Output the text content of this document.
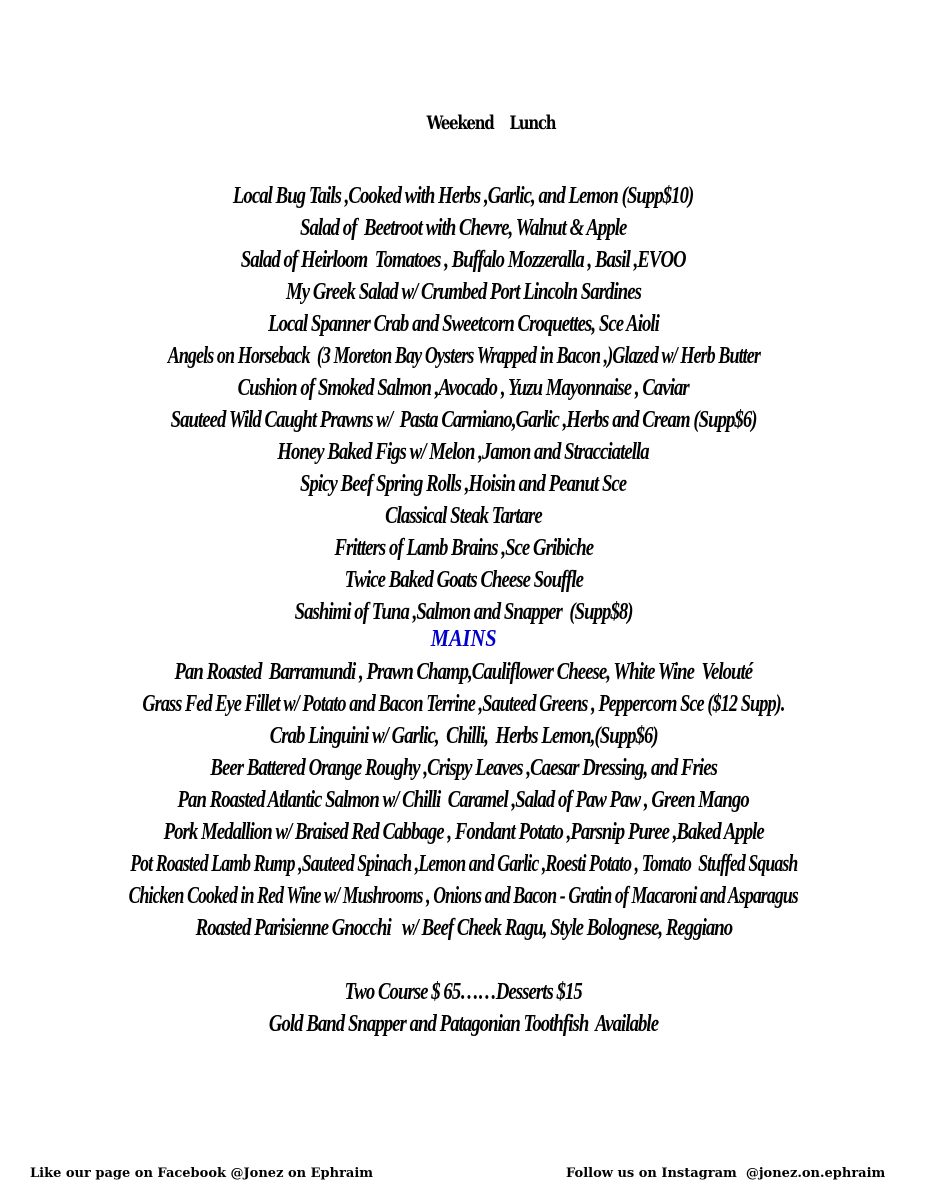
Weekend    Lunch
Local Bug Tails ,Cooked with Herbs ,Garlic, and Lemon (Supp$10)
Salad of  Beetroot with Chevre, Walnut & Apple
Salad of Heirloom  Tomatoes , Buffalo Mozzeralla , Basil ,EVOO
My Greek Salad w/ Crumbed Port Lincoln Sardines
Local Spanner Crab and Sweetcorn Croquettes, Sce Aioli
Angels on Horseback  (3 Moreton Bay Oysters Wrapped in Bacon ,)Glazed w/ Herb Butter
Cushion of Smoked Salmon ,Avocado , Yuzu Mayonnaise , Caviar
Sauteed Wild Caught Prawns w/  Pasta Carmiano,Garlic ,Herbs and Cream (Supp$6)
Honey Baked Figs w/ Melon ,Jamon and Stracciatella
Spicy Beef Spring Rolls ,Hoisin and Peanut Sce
Classical Steak Tartare
Fritters of Lamb Brains ,Sce Gribiche
Twice Baked Goats Cheese Souffle
Sashimi of Tuna ,Salmon and Snapper  (Supp$8)
MAINS
Pan Roasted  Barramundi , Prawn Champ,Cauliflower Cheese, White Wine  Velouté
Grass Fed Eye Fillet w/ Potato and Bacon Terrine ,Sauteed Greens , Peppercorn Sce ($12 Supp).
Crab Linguini w/ Garlic,  Chilli,  Herbs Lemon,(Supp$6)
Beer Battered Orange Roughy ,Crispy Leaves ,Caesar Dressing, and Fries
Pan Roasted Atlantic Salmon w/ Chilli  Caramel ,Salad of Paw Paw , Green Mango
Pork Medallion w/ Braised Red Cabbage , Fondant Potato ,Parsnip Puree ,Baked Apple
Pot Roasted Lamb Rump ,Sauteed Spinach ,Lemon and Garlic ,Roesti Potato , Tomato  Stuffed Squash
Chicken Cooked in Red Wine w/ Mushrooms , Onions and Bacon - Gratin of Macaroni and Asparagus
Roasted Parisienne Gnocchi   w/ Beef Cheek Ragu, Style Bolognese, Reggiano
Two Course $ 65……Desserts $15
Gold Band Snapper and Patagonian Toothfish  Available
Like our page on Facebook @Jonez on Ephraim	Follow us on Instagram  @jonez.on.ephraim
